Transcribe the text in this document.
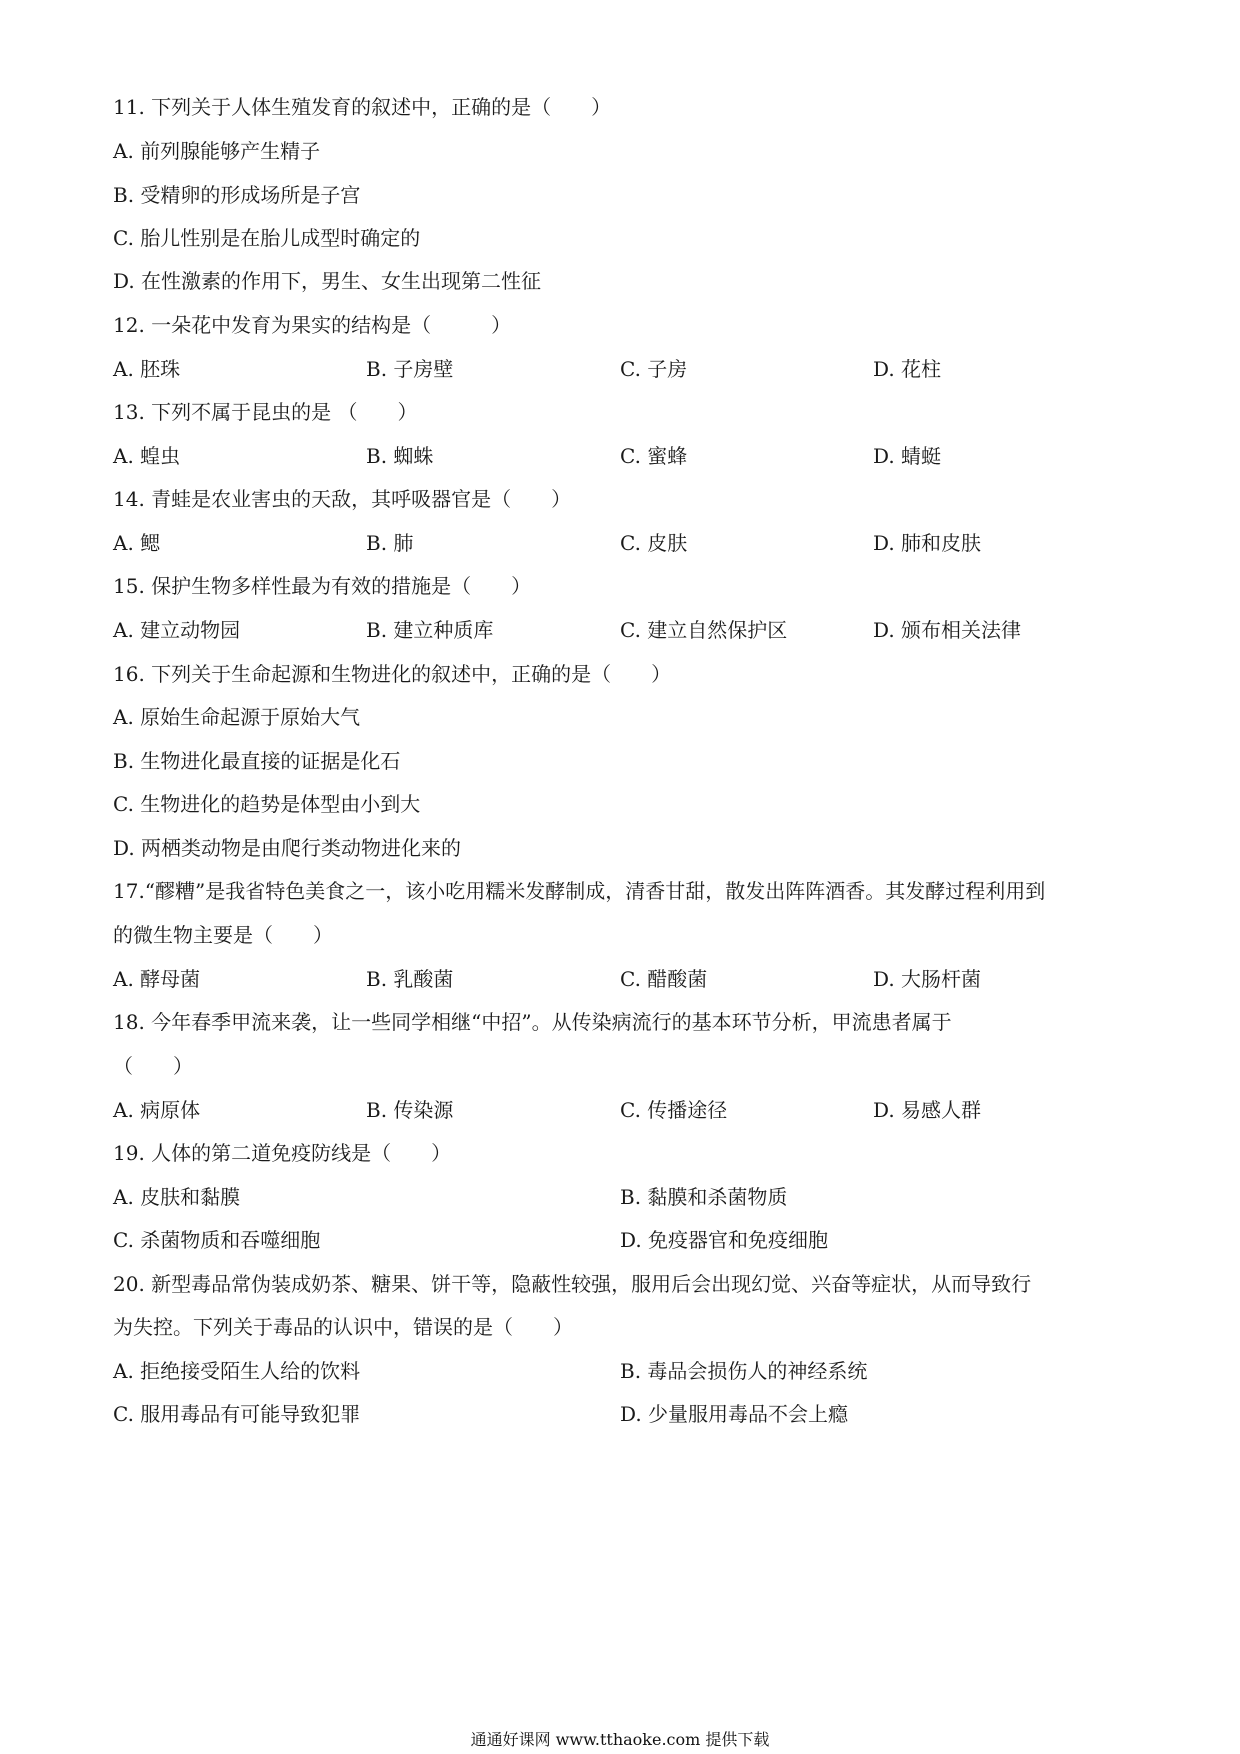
11. 下列关于人体生殖发育的叙述中，正确的是（　　）
A. 前列腺能够产生精子
B. 受精卵的形成场所是子宫
C. 胎儿性别是在胎儿成型时确定的
D. 在性激素的作用下，男生、女生出现第二性征
12. 一朵花中发育为果实的结构是（　　　）
A. 胚珠	B. 子房壁	C. 子房	D. 花柱
13. 下列不属于昆虫的是 （　　）
A. 蝗虫	B. 蜘蛛	C. 蜜蜂	D. 蜻蜓
14. 青蛙是农业害虫的天敌，其呼吸器官是（　　）
A. 鳃	B. 肺	C. 皮肤	D. 肺和皮肤
15. 保护生物多样性最为有效的措施是（　　）
A. 建立动物园	B. 建立种质库	C. 建立自然保护区	D. 颁布相关法律
16. 下列关于生命起源和生物进化的叙述中，正确的是（　　）
A. 原始生命起源于原始大气
B. 生物进化最直接的证据是化石
C. 生物进化的趋势是体型由小到大
D. 两栖类动物是由爬行类动物进化来的
17.“醪糟”是我省特色美食之一，该小吃用糯米发酵制成，清香甘甜，散发出阵阵酒香。其发酵过程利用到
的微生物主要是（　　）
A. 酵母菌	B. 乳酸菌	C. 醋酸菌	D. 大肠杆菌
18. 今年春季甲流来袭，让一些同学相继“中招”。从传染病流行的基本环节分析，甲流患者属于
（　　）
A. 病原体	B. 传染源	C. 传播途径	D. 易感人群
19. 人体的第二道免疫防线是（　　）
A. 皮肤和黏膜	B. 黏膜和杀菌物质
C. 杀菌物质和吞噬细胞	D. 免疫器官和免疫细胞
20. 新型毒品常伪装成奶茶、糖果、饼干等，隐蔽性较强，服用后会出现幻觉、兴奋等症状，从而导致行
为失控。下列关于毒品的认识中，错误的是（　　）
A. 拒绝接受陌生人给的饮料	B. 毒品会损伤人的神经系统
C. 服用毒品有可能导致犯罪	D. 少量服用毒品不会上瘾
通通好课网 www.tthaoke.com 提供下载
